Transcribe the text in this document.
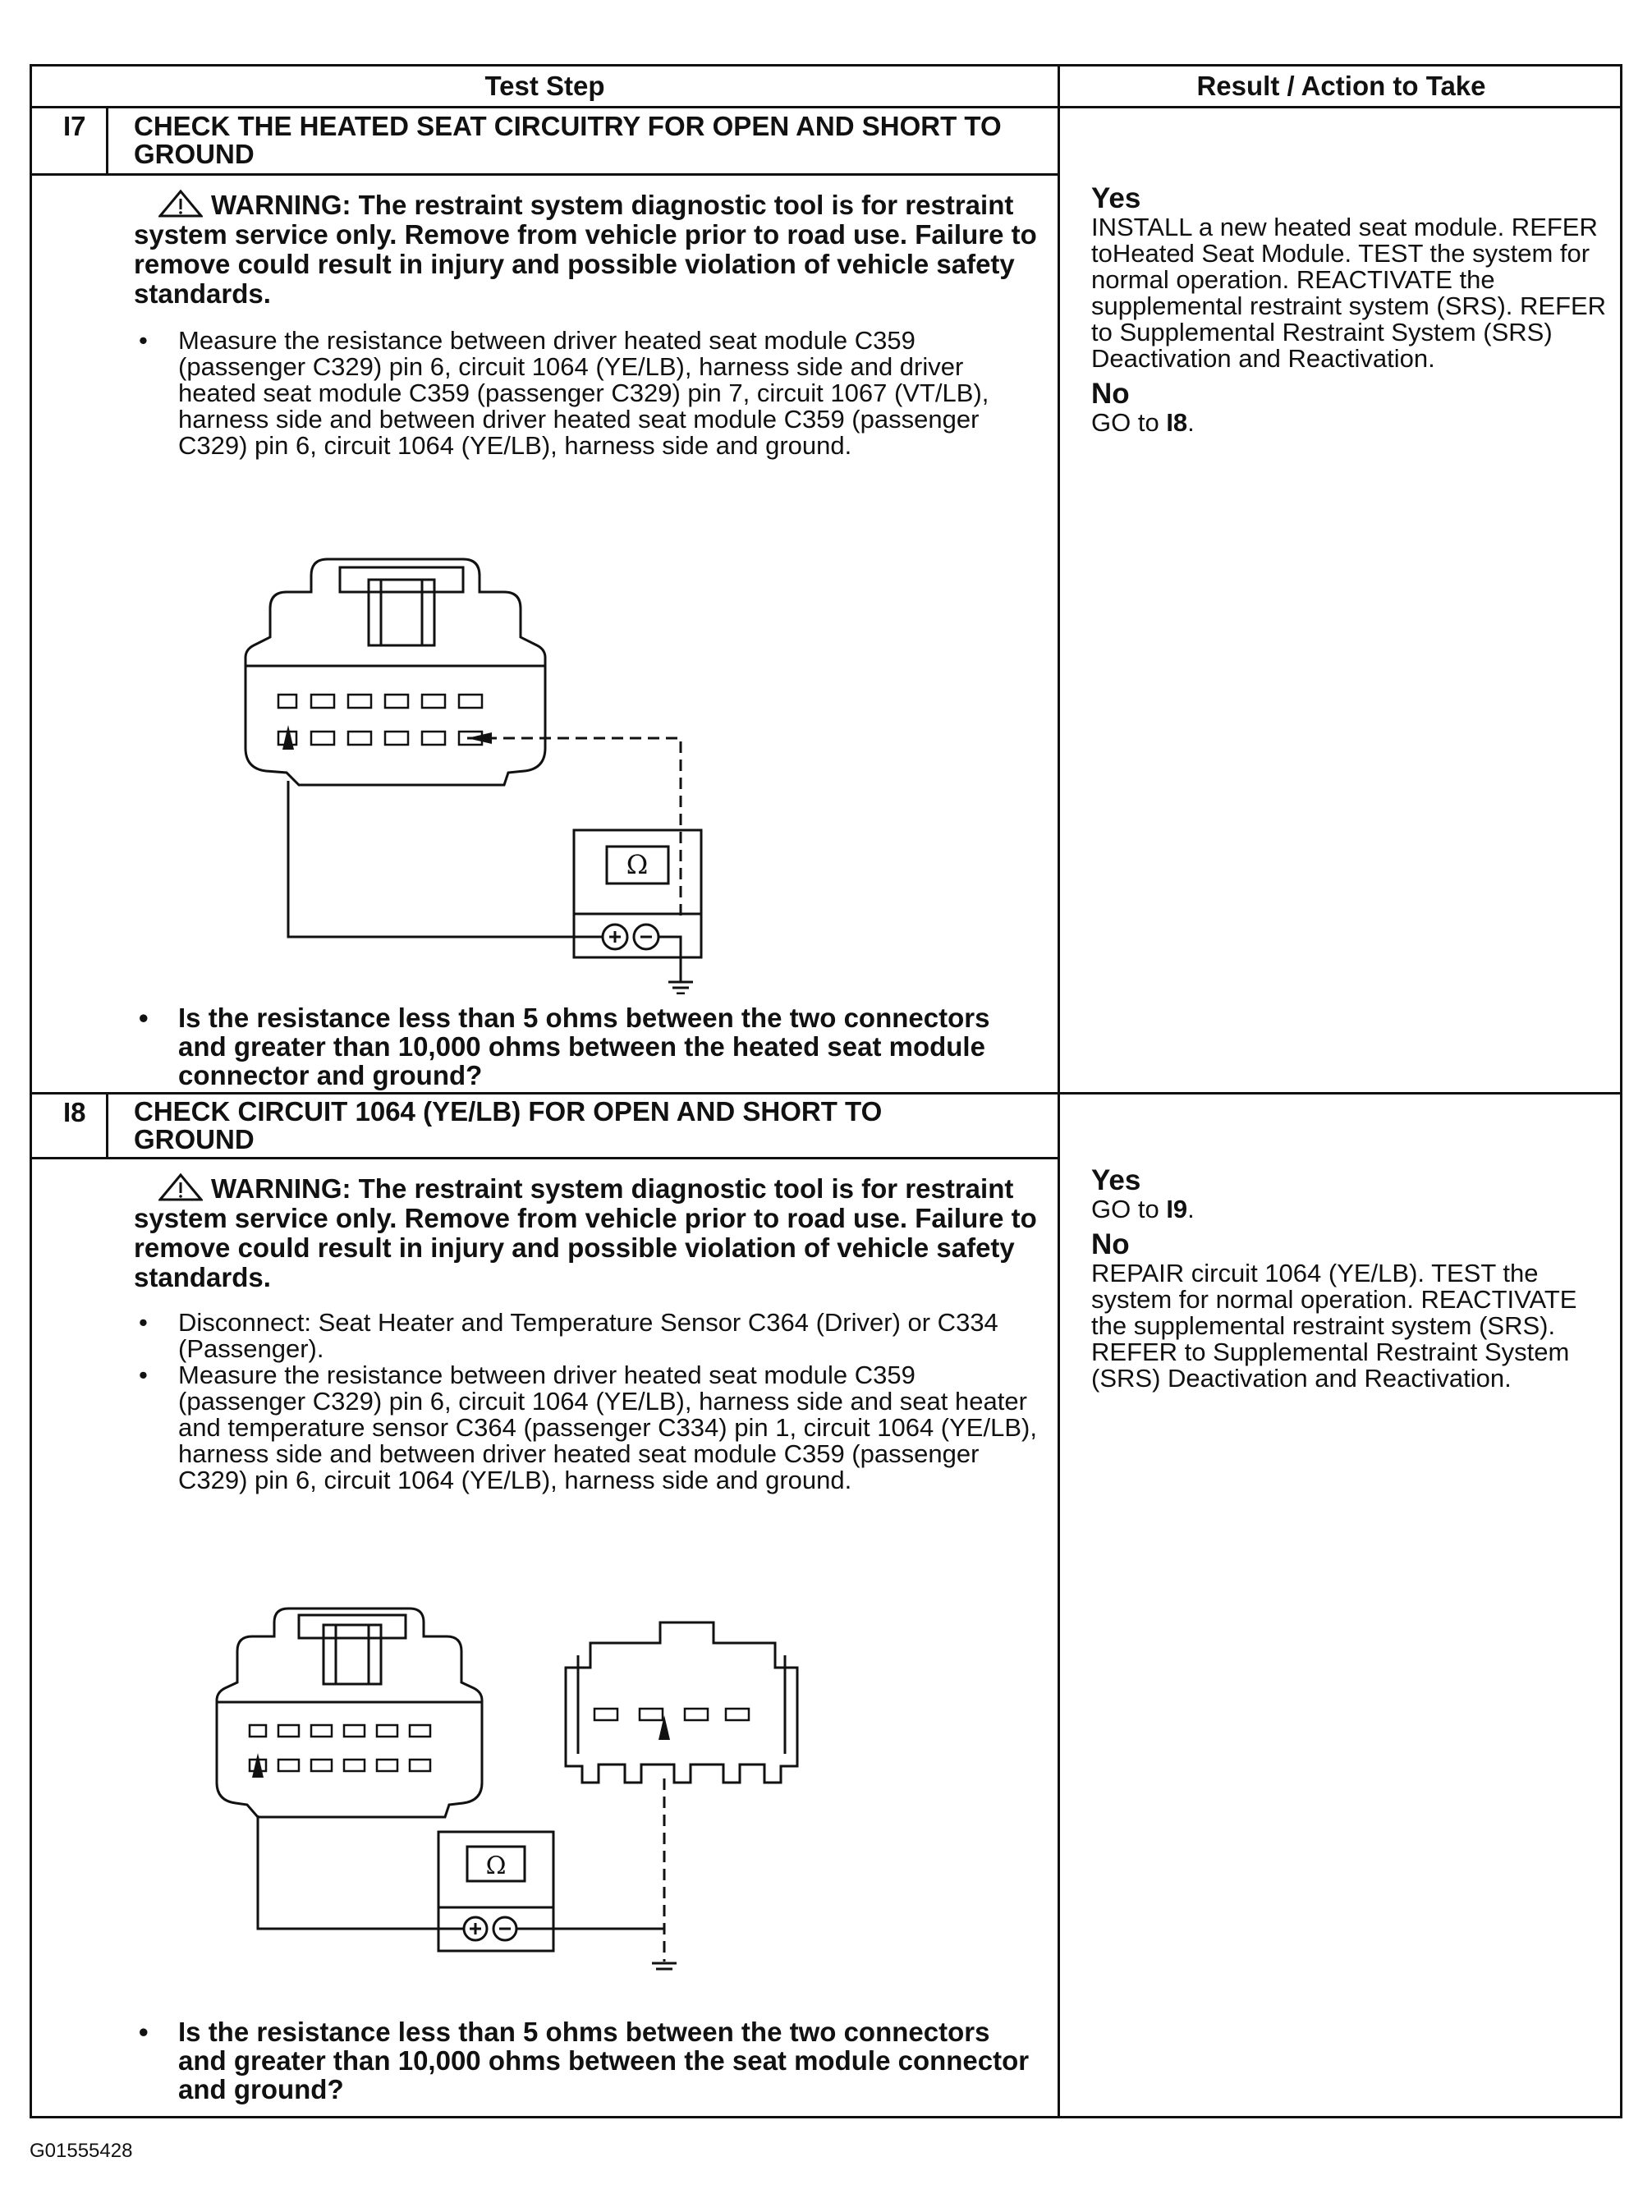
Test Step	Result / Action to Take
I7 CHECK THE HEATED SEAT CIRCUITRY FOR OPEN AND SHORT TO GROUND
WARNING: The restraint system diagnostic tool is for restraint system service only. Remove from vehicle prior to road use. Failure to remove could result in injury and possible violation of vehicle safety standards.
• Measure the resistance between driver heated seat module C359 (passenger C329) pin 6, circuit 1064 (YE/LB), harness side and driver heated seat module C359 (passenger C329) pin 7, circuit 1067 (VT/LB), harness side and between driver heated seat module C359 (passenger C329) pin 6, circuit 1064 (YE/LB), harness side and ground.
Ω
• Is the resistance less than 5 ohms between the two connectors and greater than 10,000 ohms between the heated seat module connector and ground?
Yes
INSTALL a new heated seat module. REFER toHeated Seat Module. TEST the system for normal operation. REACTIVATE the supplemental restraint system (SRS). REFER to Supplemental Restraint System (SRS) Deactivation and Reactivation.
No
GO to I8.
I8 CHECK CIRCUIT 1064 (YE/LB) FOR OPEN AND SHORT TO GROUND
WARNING: The restraint system diagnostic tool is for restraint system service only. Remove from vehicle prior to road use. Failure to remove could result in injury and possible violation of vehicle safety standards.
• Disconnect: Seat Heater and Temperature Sensor C364 (Driver) or C334 (Passenger).
• Measure the resistance between driver heated seat module C359 (passenger C329) pin 6, circuit 1064 (YE/LB), harness side and seat heater and temperature sensor C364 (passenger C334) pin 1, circuit 1064 (YE/LB), harness side and between driver heated seat module C359 (passenger C329) pin 6, circuit 1064 (YE/LB), harness side and ground.
Ω
• Is the resistance less than 5 ohms between the two connectors and greater than 10,000 ohms between the seat module connector and ground?
Yes
GO to I9.
No
REPAIR circuit 1064 (YE/LB). TEST the system for normal operation. REACTIVATE the supplemental restraint system (SRS). REFER to Supplemental Restraint System (SRS) Deactivation and Reactivation.
G01555428
